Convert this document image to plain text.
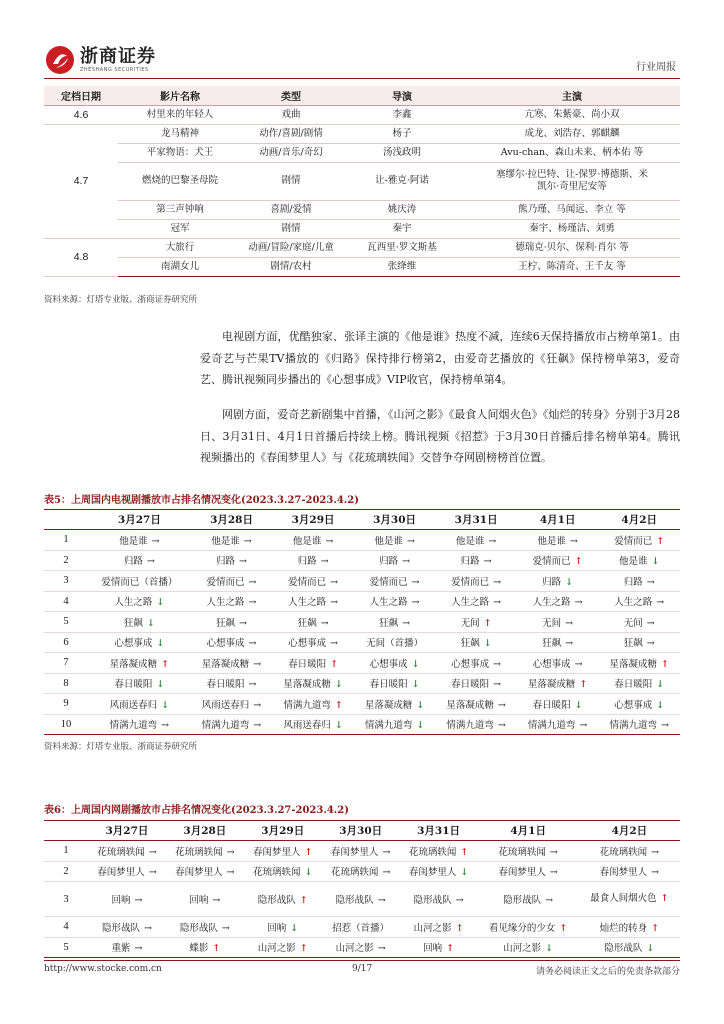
浙商证券
ZHESHANG SECURITIES	行业周报
定档日期	影片名称	类型	导演	主演
4.6	村里来的年轻人	戏曲	李鑫	亢寒、朱紫豪、尚小双
4.7	龙马精神	动作/喜剧/剧情	杨子	成龙、刘浩存、郭麒麟
	平家物语：犬王	动画/音乐/奇幻	汤浅政明	Avu-chan、森山未来、柄本佑 等
	燃烧的巴黎圣母院	剧情	让-雅克·阿诺	塞缪尔·拉巴特、让-保罗·博德斯、米凯尔·奇里尼安等
	第三声钟响	喜剧/爱情	姚庆涛	熊乃瑾、马闻远、李立 等
	冠军	剧情	秦宇	秦宇、杨瑾洁、刘勇
4.8	大旅行	动画/冒险/家庭/儿童	瓦西里·罗文斯基	德瑞克·贝尔、保利·肖尔 等
	南湖女儿	剧情/农村	张绛维	王柠、陈清奇、王千友 等
资料来源：灯塔专业版、浙商证券研究所
电视剧方面，优酷独家、张译主演的《他是谁》热度不减，连续6天保持播放市占榜单第1。由爱奇艺与芒果TV播放的《归路》保持排行榜第2，由爱奇艺播放的《狂飙》保持榜单第3，爱奇艺、腾讯视频同步播出的《心想事成》VIP收官，保持榜单第4。
网剧方面，爱奇艺新剧集中首播，《山河之影》《最食人间烟火色》《灿烂的转身》分别于3月28日、3月31日、4月1日首播后持续上榜。腾讯视频《招惹》于3月30日首播后排名榜单第4。腾讯视频播出的《春闺梦里人》与《花琉璃轶闻》交替争夺网剧榜榜首位置。
表5：上周国内电视剧播放市占排名情况变化(2023.3.27-2023.4.2)
	3月27日	3月28日	3月29日	3月30日	3月31日	4月1日	4月2日
1	他是谁 →	他是谁 →	他是谁 →	他是谁 →	他是谁 →	他是谁 →	爱情而已 ↑
2	归路 →	归路 →	归路 →	归路 →	归路 →	爱情而已 ↑	他是谁 ↓
3	爱情而已（首播）	爱情而已 →	爱情而已 →	爱情而已 →	爱情而已 →	归路 ↓	归路 →
4	人生之路 ↓	人生之路 →	人生之路 →	人生之路 →	人生之路 →	人生之路 →	人生之路 →
5	狂飙 ↓	狂飙 →	狂飙 →	狂飙 →	无间 ↑	无间 →	无间 →
6	心想事成 ↓	心想事成 →	心想事成 →	无间（首播）	狂飙 ↓	狂飙 →	狂飙 →
7	星落凝成糖 ↑	星落凝成糖 →	春日暖阳 ↑	心想事成 ↓	心想事成 →	心想事成 →	星落凝成糖 ↑
8	春日暖阳 ↓	春日暖阳 →	星落凝成糖 ↓	春日暖阳 ↓	春日暖阳 →	星落凝成糖 ↑	春日暖阳 ↓
9	风雨送春归 ↓	风雨送春归 →	情满九道弯 ↑	星落凝成糖 ↓	星落凝成糖 →	春日暖阳 ↓	心想事成 ↓
10	情满九道弯 →	情满九道弯 →	风雨送春归 ↓	情满九道弯 ↓	情满九道弯 →	情满九道弯 →	情满九道弯 →
资料来源：灯塔专业版、浙商证券研究所
表6：上周国内网剧播放市占排名情况变化(2023.3.27-2023.4.2)
	3月27日	3月28日	3月29日	3月30日	3月31日	4月1日	4月2日
1	花琉璃轶闻 →	花琉璃轶闻 →	春闺梦里人 ↑	春闺梦里人 →	花琉璃轶闻 ↑	花琉璃轶闻 →	花琉璃轶闻 →
2	春闺梦里人 →	春闺梦里人 →	花琉璃轶闻 ↓	花琉璃轶闻 →	春闺梦里人 ↓	春闺梦里人 →	春闺梦里人 →
3	回响 →	回响 →	隐形战队 ↑	隐形战队 →	隐形战队 →	隐形战队 →	最食人间烟火色 ↑
4	隐形战队 →	隐形战队 →	回响 ↓	招惹（首播）	山河之影 ↑	看见缘分的少女 ↑	灿烂的转身 ↑
5	重紫 →	蝶影 ↑	山河之影 ↑	山河之影 →	回响 ↑	山河之影 ↓	隐形战队 ↓
http://www.stocke.com.cn	9/17	请务必阅读正文之后的免责条款部分
